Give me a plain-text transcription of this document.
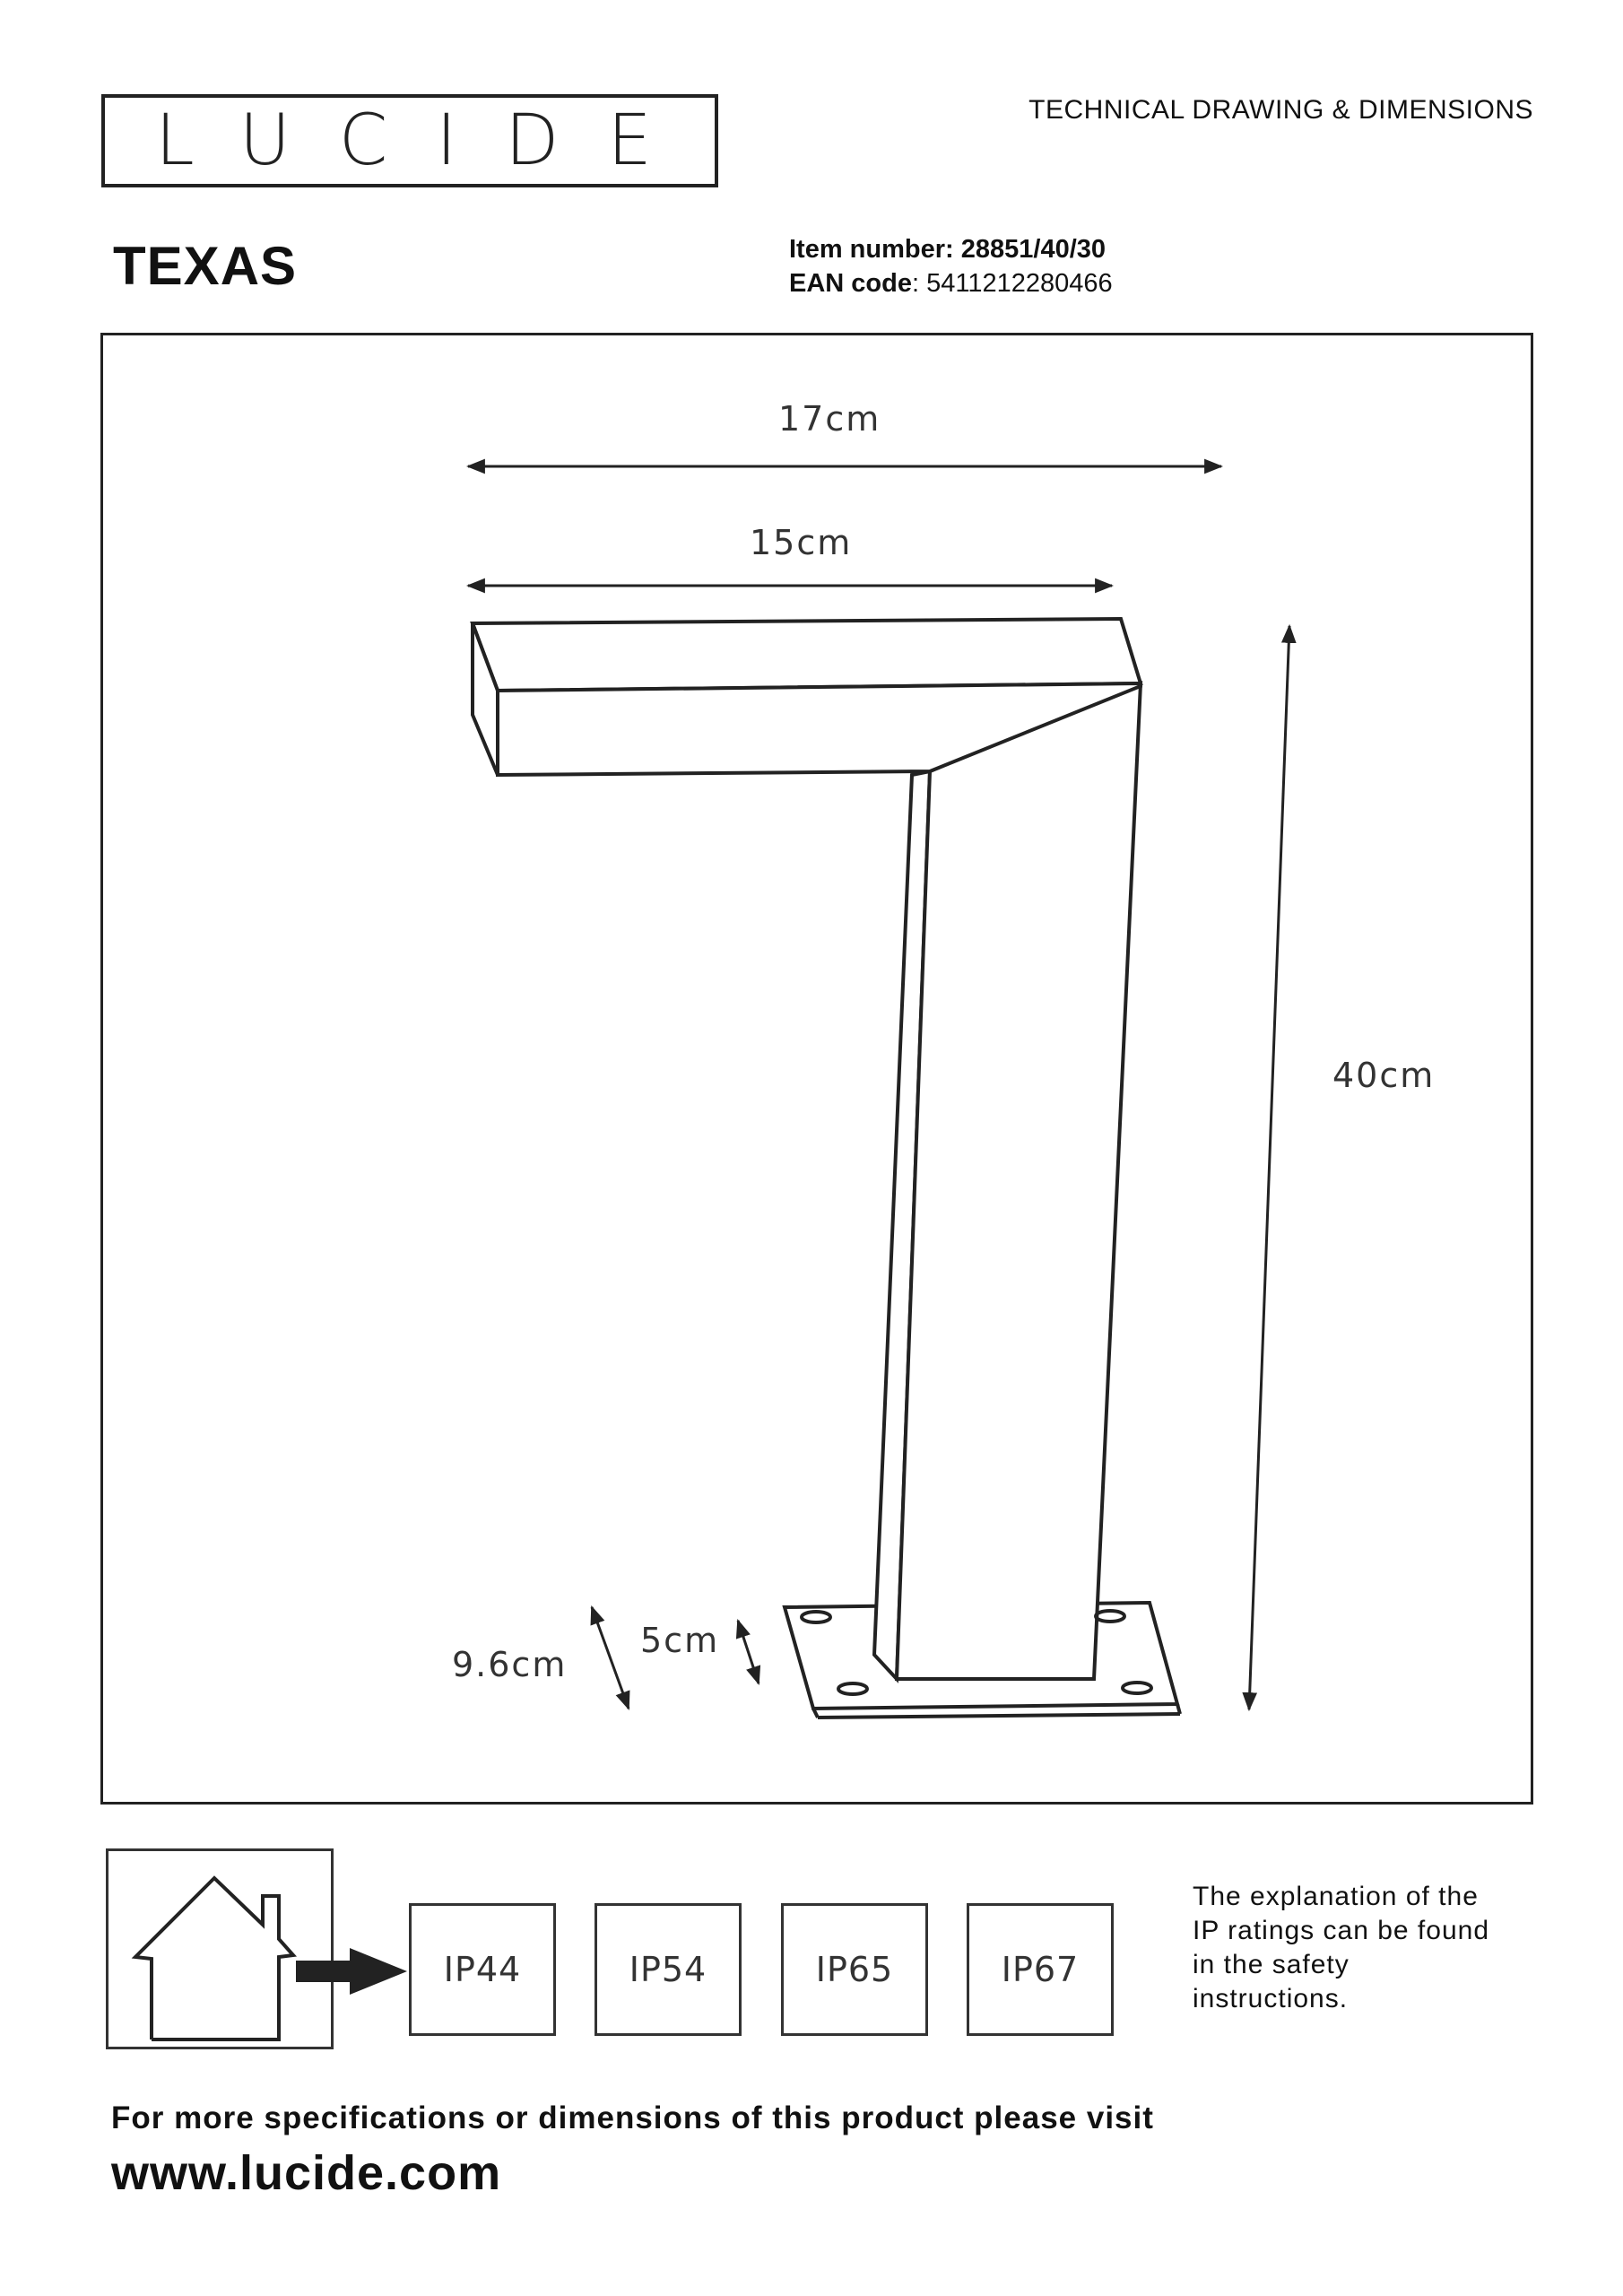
LUCIDE	TECHNICAL DRAWING & DIMENSIONS
TEXAS	Item number: 28851/40/30
EAN code: 5411212280466
17cm
15cm
40cm
9.6cm
5cm
IP44	IP54	IP65	IP67
The explanation of the
IP ratings can be found
in the safety
instructions.
For more specifications or dimensions of this product please visit
www.lucide.com
